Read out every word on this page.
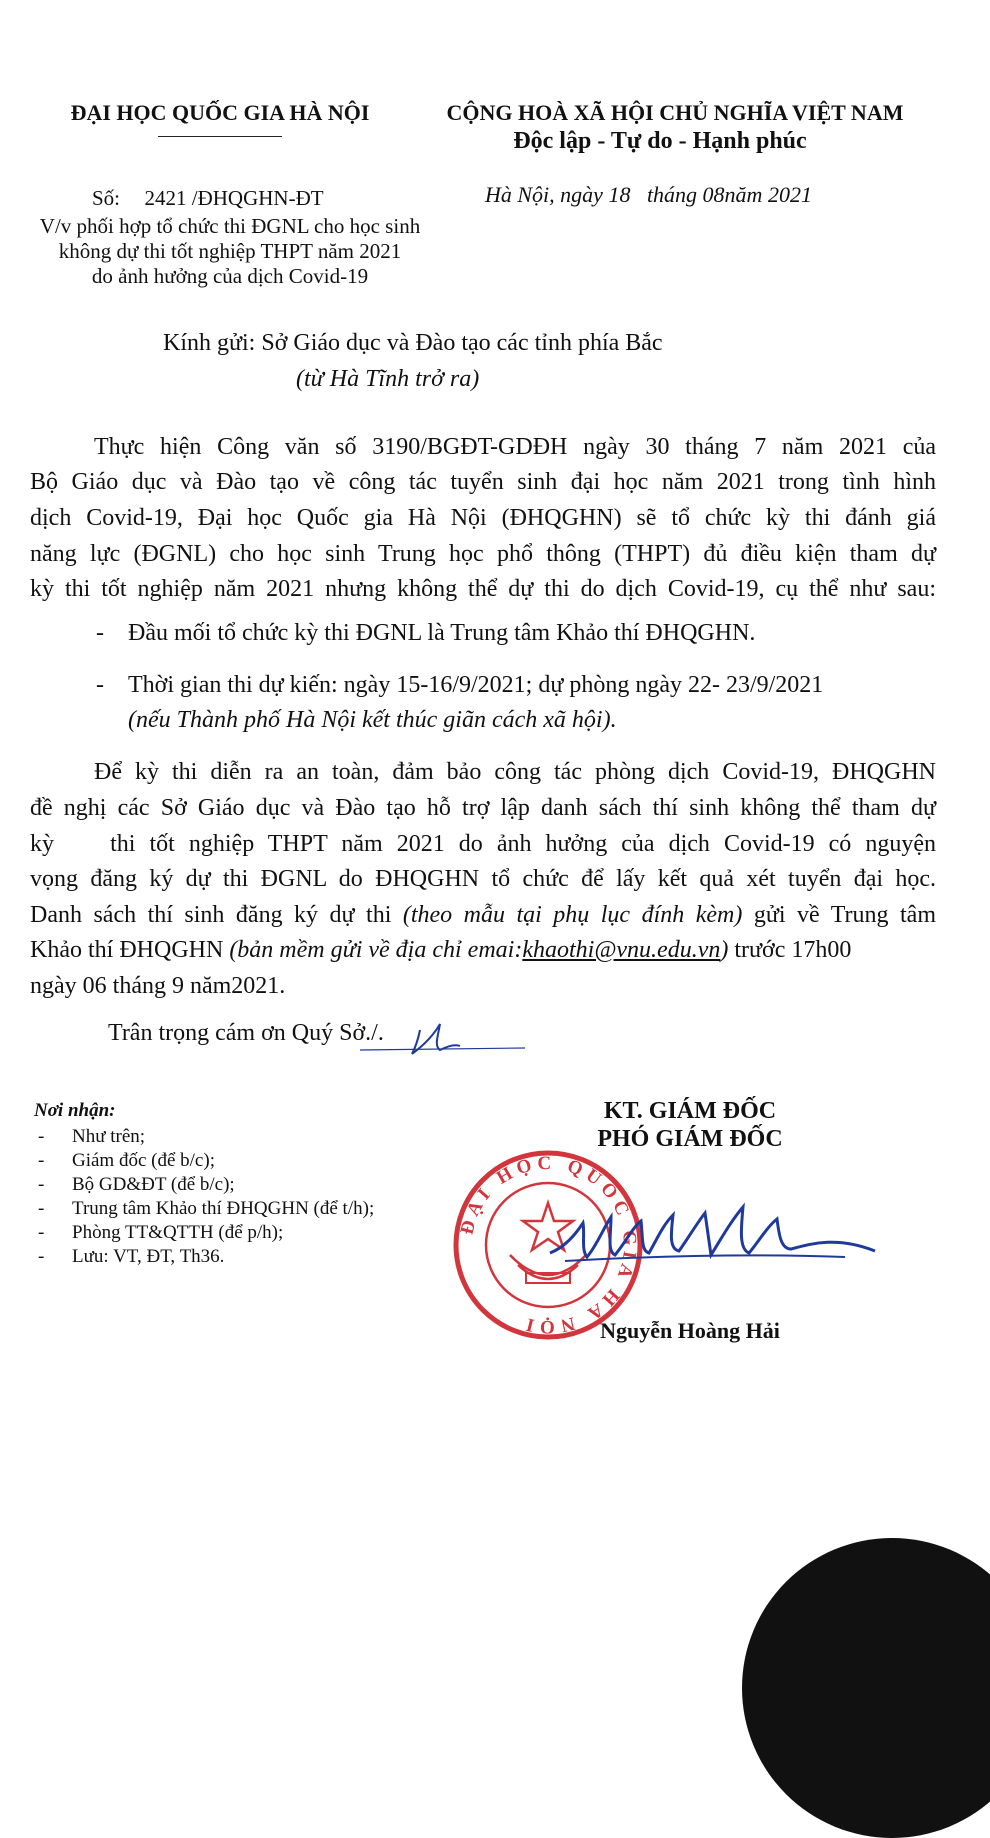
ĐẠI HỌC QUỐC GIA HÀ NỘI	CỘNG HOÀ XÃ HỘI CHỦ NGHĨA VIỆT NAM
Độc lập - Tự do - Hạnh phúc
Số: 2421 /ĐHQGHN-ĐT
V/v phối hợp tổ chức thi ĐGNL cho học sinh
không dự thi tốt nghiệp THPT năm 2021
do ảnh hưởng của dịch Covid-19
Hà Nội, ngày 18   tháng 08năm 2021
Kính gửi: Sở Giáo dục và Đào tạo các tỉnh phía Bắc
(từ Hà Tĩnh trở ra)
Thực hiện Công văn số 3190/BGĐT-GDĐH ngày 30 tháng 7 năm 2021 của
Bộ Giáo dục và Đào tạo về công tác tuyển sinh đại học năm 2021 trong tình hình
dịch Covid-19, Đại học Quốc gia Hà Nội (ĐHQGHN) sẽ tổ chức kỳ thi đánh giá
năng lực (ĐGNL) cho học sinh Trung học phổ thông (THPT) đủ điều kiện tham dự
kỳ thi tốt nghiệp năm 2021 nhưng không thể dự thi do dịch Covid-19, cụ thể như sau:
- Đầu mối tổ chức kỳ thi ĐGNL là Trung tâm Khảo thí ĐHQGHN.
- Thời gian thi dự kiến: ngày 15-16/9/2021; dự phòng ngày 22- 23/9/2021
(nếu Thành phố Hà Nội kết thúc giãn cách xã hội).
Để kỳ thi diễn ra an toàn, đảm bảo công tác phòng dịch Covid-19, ĐHQGHN
đề nghị các Sở Giáo dục và Đào tạo hỗ trợ lập danh sách thí sinh không thể tham dự
kỳ    thi tốt nghiệp THPT năm 2021 do ảnh hưởng của dịch Covid-19 có nguyện
vọng đăng ký dự thi ĐGNL do ĐHQGHN tổ chức để lấy kết quả xét tuyển đại học.
Danh sách thí sinh đăng ký dự thi (theo mẫu tại phụ lục đính kèm) gửi về Trung tâm
Khảo thí ĐHQGHN (bản mềm gửi về địa chỉ emai:khaothi@vnu.edu.vn) trước 17h00
ngày 06 tháng 9 năm2021.
Trân trọng cám ơn Quý Sở./.
Nơi nhận:
- Như trên;
- Giám đốc (để b/c);
- Bộ GD&ĐT (để b/c);
- Trung tâm Khảo thí ĐHQGHN (để t/h);
- Phòng TT&QTTH (để p/h);
- Lưu: VT, ĐT, Th36.
KT. GIÁM ĐỐC
PHÓ GIÁM ĐỐC
ĐẠI HỌC QUỐC GIA HÀ NỘI	Nguyễn Hoàng Hải
